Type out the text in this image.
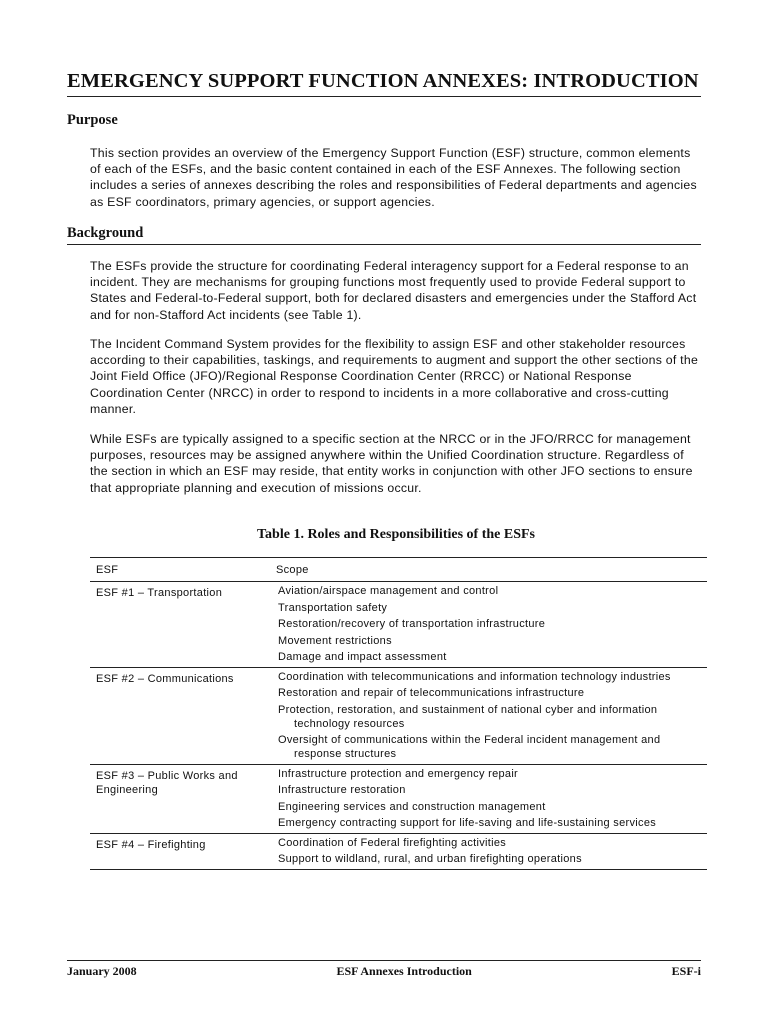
EMERGENCY SUPPORT FUNCTION ANNEXES: INTRODUCTION
Purpose

This section provides an overview of the Emergency Support Function (ESF) structure, common elements of each of the ESFs, and the basic content contained in each of the ESF Annexes. The following section includes a series of annexes describing the roles and responsibilities of Federal departments and agencies as ESF coordinators, primary agencies, or support agencies.

Background

The ESFs provide the structure for coordinating Federal interagency support for a Federal response to an incident. They are mechanisms for grouping functions most frequently used to provide Federal support to States and Federal-to-Federal support, both for declared disasters and emergencies under the Stafford Act and for non-Stafford Act incidents (see Table 1).

The Incident Command System provides for the flexibility to assign ESF and other stakeholder resources according to their capabilities, taskings, and requirements to augment and support the other sections of the Joint Field Office (JFO)/Regional Response Coordination Center (RRCC) or National Response Coordination Center (NRCC) in order to respond to incidents in a more collaborative and cross-cutting manner.

While ESFs are typically assigned to a specific section at the NRCC or in the JFO/RRCC for management purposes, resources may be assigned anywhere within the Unified Coordination structure. Regardless of the section in which an ESF may reside, that entity works in conjunction with other JFO sections to ensure that appropriate planning and execution of missions occur.

Table 1. Roles and Responsibilities of the ESFs
ESF	Scope
ESF #1 – Transportation	Aviation/airspace management and control
Transportation safety
Restoration/recovery of transportation infrastructure
Movement restrictions
Damage and impact assessment

ESF #2 – Communications	Coordination with telecommunications and information technology industries
Restoration and repair of telecommunications infrastructure
Protection, restoration, and sustainment of national cyber and information technology resources
Oversight of communications within the Federal incident management and response structures

ESF #3 – Public Works and Engineering	Infrastructure protection and emergency repair
Infrastructure restoration
Engineering services and construction management
Emergency contracting support for life-saving and life-sustaining services

ESF #4 – Firefighting	Coordination of Federal firefighting activities
Support to wildland, rural, and urban firefighting operations
January 2008	ESF Annexes Introduction	ESF-i
